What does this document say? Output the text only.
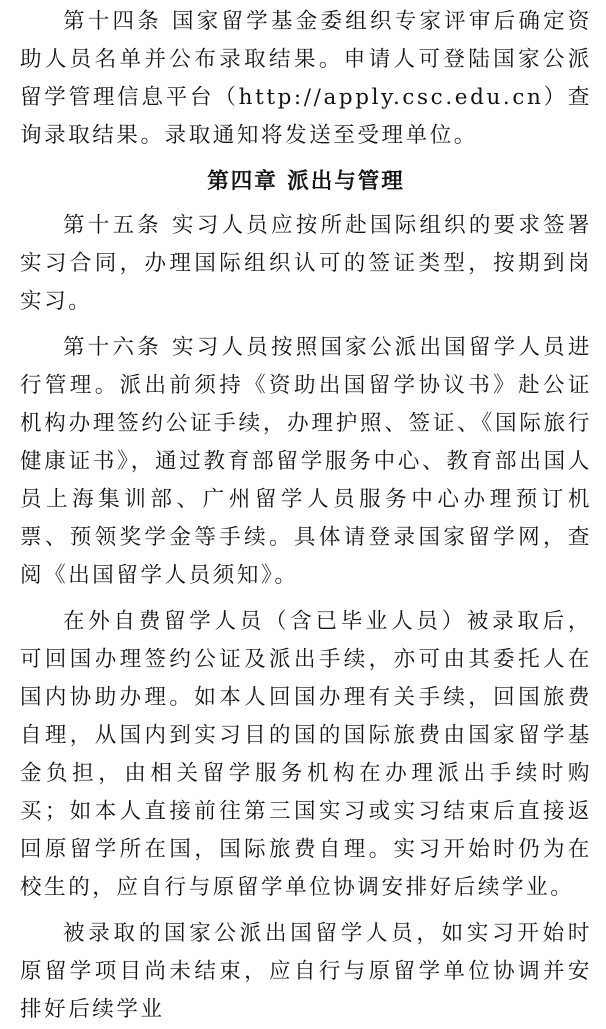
第十四条 国家留学基金委组织专家评审后确定资助人员名单并公布录取结果。申请人可登陆国家公派留学管理信息平台（http://apply.csc.edu.cn）查询录取结果。录取通知将发送至受理单位。

第四章 派出与管理

第十五条 实习人员应按所赴国际组织的要求签署实习合同，办理国际组织认可的签证类型，按期到岗实习。

第十六条 实习人员按照国家公派出国留学人员进行管理。派出前须持《资助出国留学协议书》赴公证机构办理签约公证手续，办理护照、签证、《国际旅行健康证书》，通过教育部留学服务中心、教育部出国人员上海集训部、广州留学人员服务中心办理预订机票、预领奖学金等手续。具体请登录国家留学网，查阅《出国留学人员须知》。

在外自费留学人员（含已毕业人员）被录取后，可回国办理签约公证及派出手续，亦可由其委托人在国内协助办理。如本人回国办理有关手续，回国旅费自理，从国内到实习目的国的国际旅费由国家留学基金负担，由相关留学服务机构在办理派出手续时购买；如本人直接前往第三国实习或实习结束后直接返回原留学所在国，国际旅费自理。实习开始时仍为在校生的，应自行与原留学单位协调安排好后续学业。

被录取的国家公派出国留学人员，如实习开始时原留学项目尚未结束，应自行与原留学单位协调并安排好后续学业
